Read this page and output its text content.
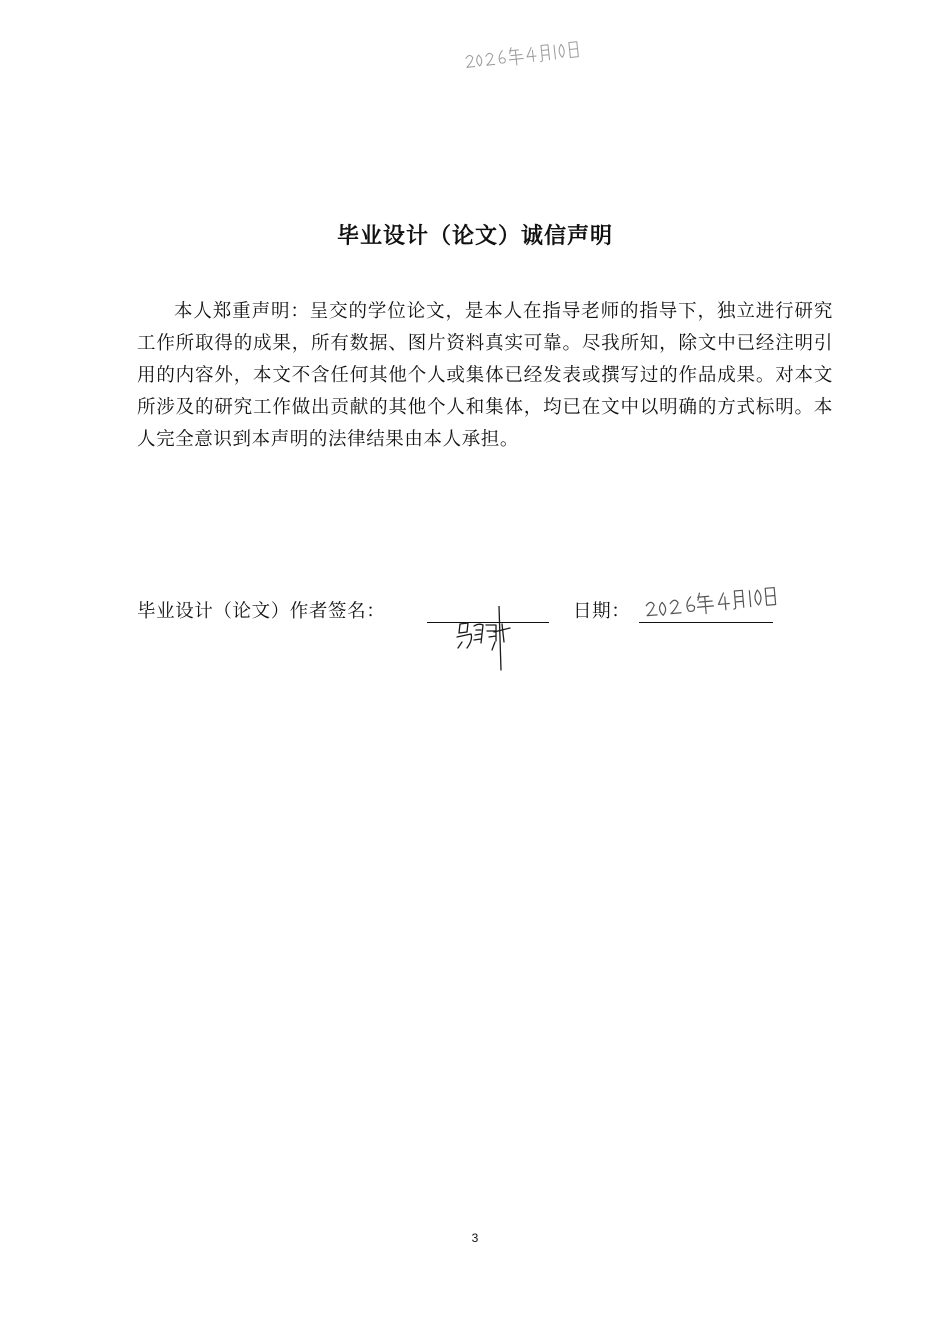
毕业设计（论文）诚信声明
本人郑重声明：呈交的学位论文，是本人在指导老师的指导下，独立进行研究工作所取得的成果，所有数据、图片资料真实可靠。尽我所知，除文中已经注明引用的内容外，本文不含任何其他个人或集体已经发表或撰写过的作品成果。对本文所涉及的研究工作做出贡献的其他个人和集体，均已在文中以明确的方式标明。本人完全意识到本声明的法律结果由本人承担。
毕业设计（论文）作者签名：	日期：
3
